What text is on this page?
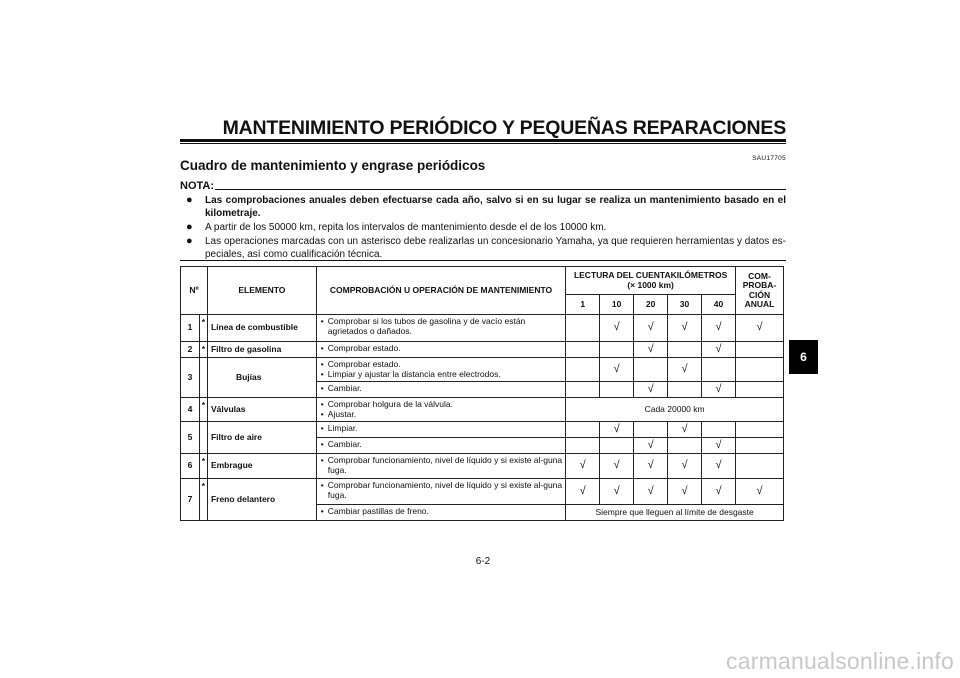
MANTENIMIENTO PERIÓDICO Y PEQUEÑAS REPARACIONES
SAU17705
Cuadro de mantenimiento y engrase periódicos
NOTA:
● Las comprobaciones anuales deben efectuarse cada año, salvo si en su lugar se realiza un mantenimiento basado en el kilometraje.
● A partir de los 50000 km, repita los intervalos de mantenimiento desde el de los 10000 km.
● Las operaciones marcadas con un asterisco debe realizarlas un concesionario Yamaha, ya que requieren herramientas y datos es-peciales, así como cualificación técnica.
Nº		ELEMENTO	COMPROBACIÓN U OPERACIÓN DE MANTENIMIENTO	LECTURA DEL CUENTAKILÓMETROS
(× 1000 km)					COM-PROBA-CIÓN ANUAL
				1	10	20	30	40	
1	*	Línea de combustible	• Comprobar si los tubos de gasolina y de vacío están agrietados o dañados.		√	√	√	√	√
2	*	Filtro de gasolina	• Comprobar estado.			√		√	
3		Bujías	• Comprobar estado.
• Limpiar y ajustar la distancia entre electrodos.		√		√		

			• Cambiar.			√		√	
4	*	Válvulas	• Comprobar holgura de la válvula.
• Ajustar.	Cada 20000 km					
5		Filtro de aire	• Limpiar.		√		√		

			• Cambiar.			√		√	
6	*	Embrague	• Comprobar funcionamiento, nivel de líquido y si existe al-guna fuga.	√	√	√	√	√	
7	*	Freno delantero	• Comprobar funcionamiento, nivel de líquido y si existe al-guna fuga.	√	√	√	√	√	√

			• Cambiar pastillas de freno.	Siempre que lleguen al límite de desgaste					
6-2
6
carmanualsonline.info
